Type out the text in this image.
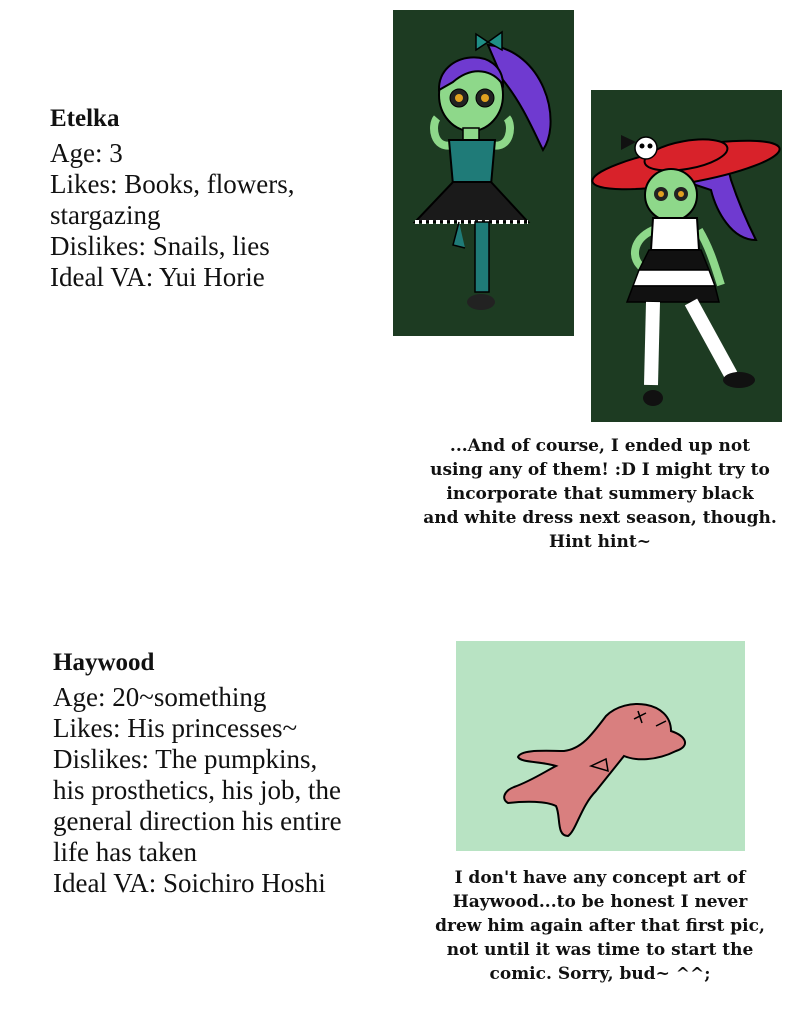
Etelka
Age: 3
Likes: Books, flowers,
stargazing
Dislikes: Snails, lies
Ideal VA: Yui Horie
...And of course, I ended up not
using any of them! :D I might try to
incorporate that summery black
and white dress next season, though.
Hint hint~
Haywood
Age: 20~something
Likes: His princesses~
Dislikes: The pumpkins,
his prosthetics, his job, the
general direction his entire
life has taken
Ideal VA: Soichiro Hoshi	I don't have any concept art of
Haywood...to be honest I never
drew him again after that first pic,
not until it was time to start the
comic. Sorry, bud~ ^^;
